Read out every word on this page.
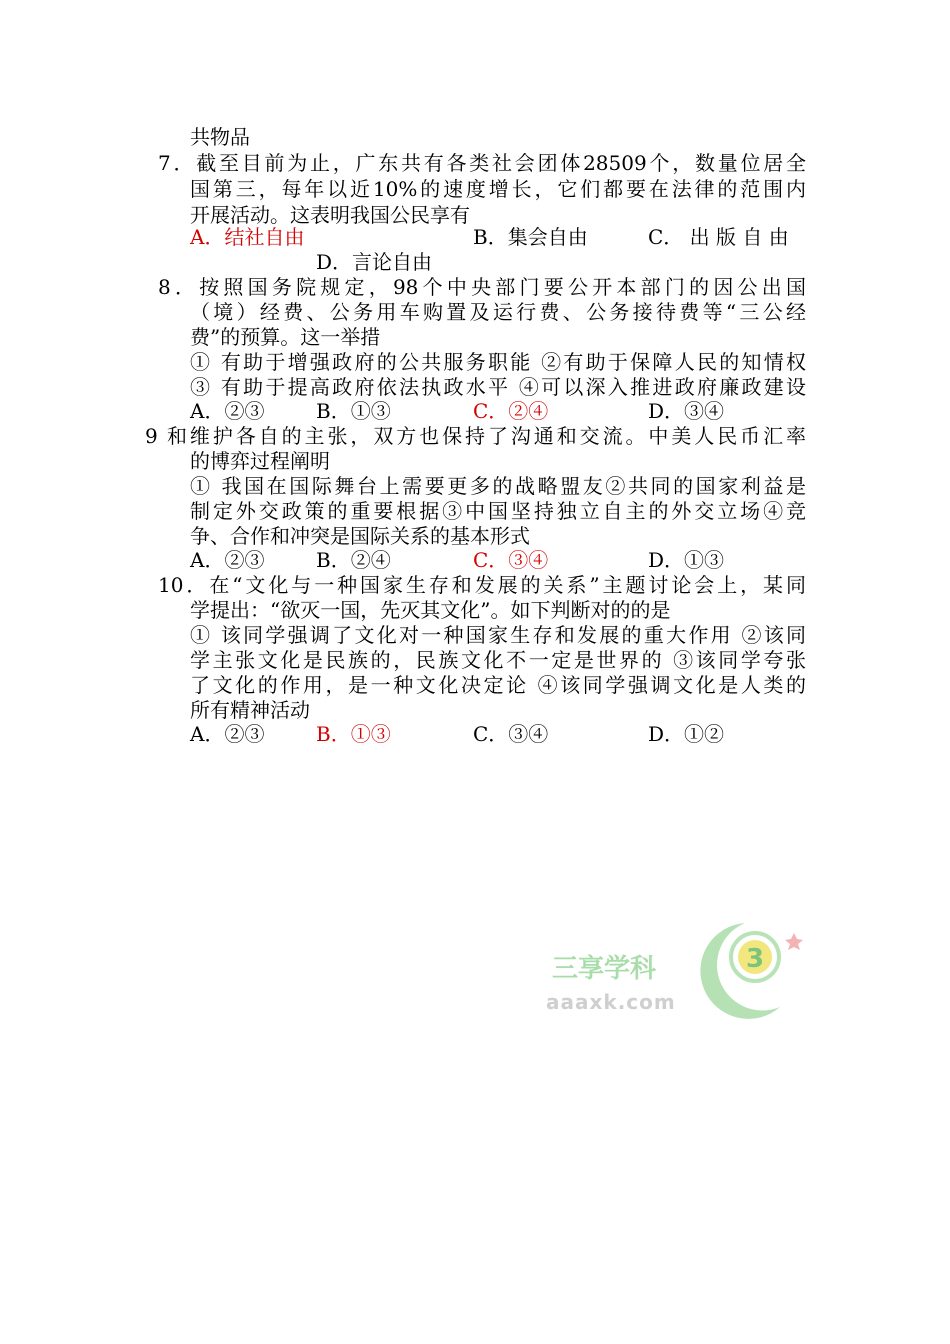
共物品
7．截至目前为止，广东共有各类社会团体28509个，数量位居全
国第三，每年以近10%的速度增长，它们都要在法律的范围内
开展活动。这表明我国公民享有
A．结社自由	B．集会自由	C． 出 版 自 由
D．言论自由
8．按照国务院规定，98个中央部门要公开本部门的因公出国
（境）经费、公务用车购置及运行费、公务接待费等“三公经
费”的预算。这一举措
① 有助于增强政府的公共服务职能 ②有助于保障人民的知情权
③ 有助于提高政府依法执政水平 ④可以深入推进政府廉政建设
A．②③	B．①③	C．②④	D．③④
9 和维护各自的主张，双方也保持了沟通和交流。中美人民币汇率
的博弈过程阐明
① 我国在国际舞台上需要更多的战略盟友②共同的国家利益是
制定外交政策的重要根据③中国坚持独立自主的外交立场④竞
争、合作和冲突是国际关系的基本形式
A．②③	B．②④	C．③④	D．①③
10．在“文化与一种国家生存和发展的关系”主题讨论会上，某同
学提出：“欲灭一国，先灭其文化”。如下判断对的的是
① 该同学强调了文化对一种国家生存和发展的重大作用 ②该同
学主张文化是民族的，民族文化不一定是世界的 ③该同学夸张
了文化的作用，是一种文化决定论 ④该同学强调文化是人类的
所有精神活动
A．②③	B．①③	C．③④	D．①②
3
三享学科
aaaxk.com
